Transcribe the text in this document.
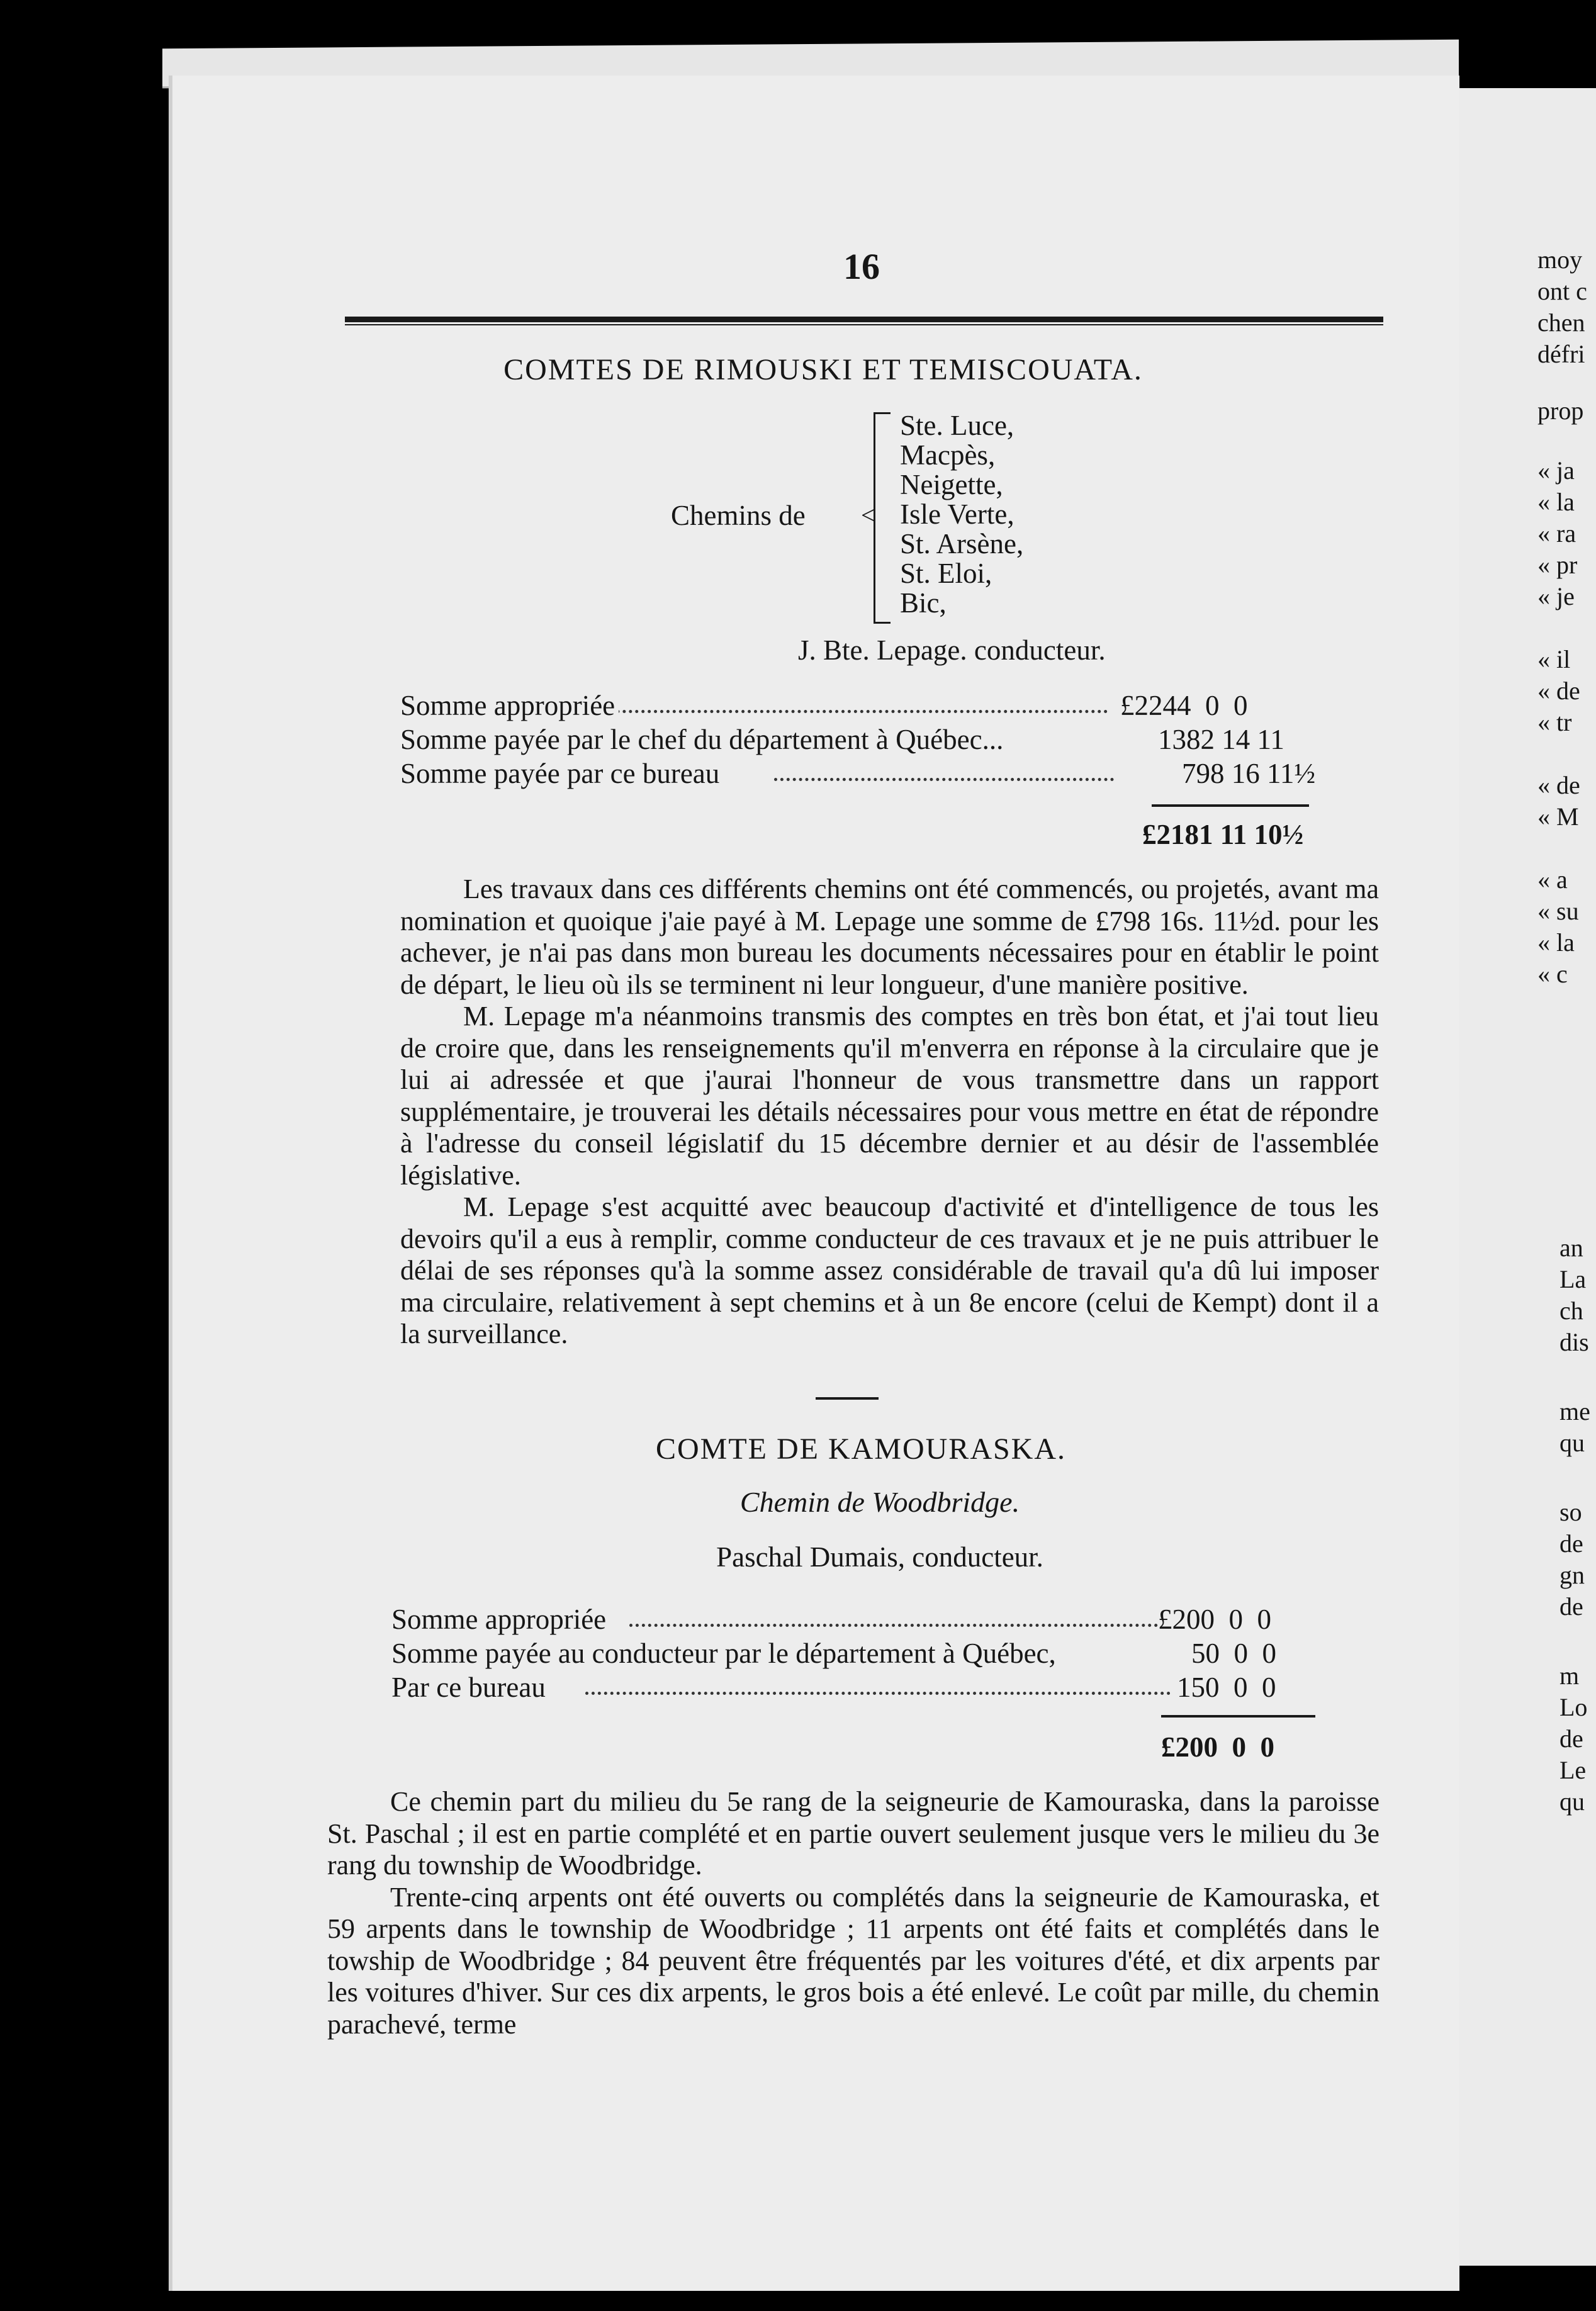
moy
ont c
chen
défri
prop
« ja
« la
« ra
« pr
« je
« il
« de
« tr
« de
« M
« a
« su
« la
« c
an
La
ch
dis
me
qu
so
de
gn
de
m
Lo
de
Le
qu
16
COMTES DE RIMOUSKI ET TEMISCOUATA.
Chemins de <
Ste. Luce,
Macpès,
Neigette,
Isle Verte,
St. Arsène,
St. Eloi,
Bic,
J. Bte. Lepage. conducteur.
Somme appropriée	£2244  0  0
Somme payée par le chef du département à Québec...	1382 14 11
Somme payée par ce bureau	798 16 11½
£2181 11 10½

Les travaux dans ces différents chemins ont été commencés, ou projetés, avant ma nomination et quoique j'aie payé à M. Lepage une somme de £798 16s. 11½d. pour les achever, je n'ai pas dans mon bureau les documents nécessaires pour en établir le point de départ, le lieu où ils se terminent ni leur longueur, d'une manière positive.

M. Lepage m'a néanmoins transmis des comptes en très bon état, et j'ai tout lieu de croire que, dans les renseignements qu'il m'enverra en réponse à la circulaire que je lui ai adressée et que j'aurai l'honneur de vous transmettre dans un rapport supplémentaire, je trouverai les détails nécessaires pour vous mettre en état de répondre à l'adresse du conseil législatif du 15 décembre dernier et au désir de l'assemblée législative.

M. Lepage s'est acquitté avec beaucoup d'activité et d'intelligence de tous les devoirs qu'il a eus à remplir, comme conducteur de ces travaux et je ne puis attribuer le délai de ses réponses qu'à la somme assez considérable de travail qu'a dû lui imposer ma circulaire, relativement à sept chemins et à un 8e encore (celui de Kempt) dont il a la surveillance.

COMTE DE KAMOURASKA.
Chemin de Woodbridge.
Paschal Dumais, conducteur.
Somme appropriée	£200  0  0
Somme payée au conducteur par le département à Québec,	50  0  0
Par ce bureau	150  0  0
£200  0  0

Ce chemin part du milieu du 5e rang de la seigneurie de Kamouraska, dans la paroisse St. Paschal ; il est en partie complété et en partie ouvert seulement jusque vers le milieu du 3e rang du township de Woodbridge.

Trente-cinq arpents ont été ouverts ou complétés dans la seigneurie de Kamouraska, et 59 arpents dans le township de Woodbridge ; 11 arpents ont été faits et complétés dans le towship de Woodbridge ; 84 peuvent être fréquentés par les voitures d'été, et dix arpents par les voitures d'hiver. Sur ces dix arpents, le gros bois a été enlevé. Le coût par mille, du chemin parachevé, terme
